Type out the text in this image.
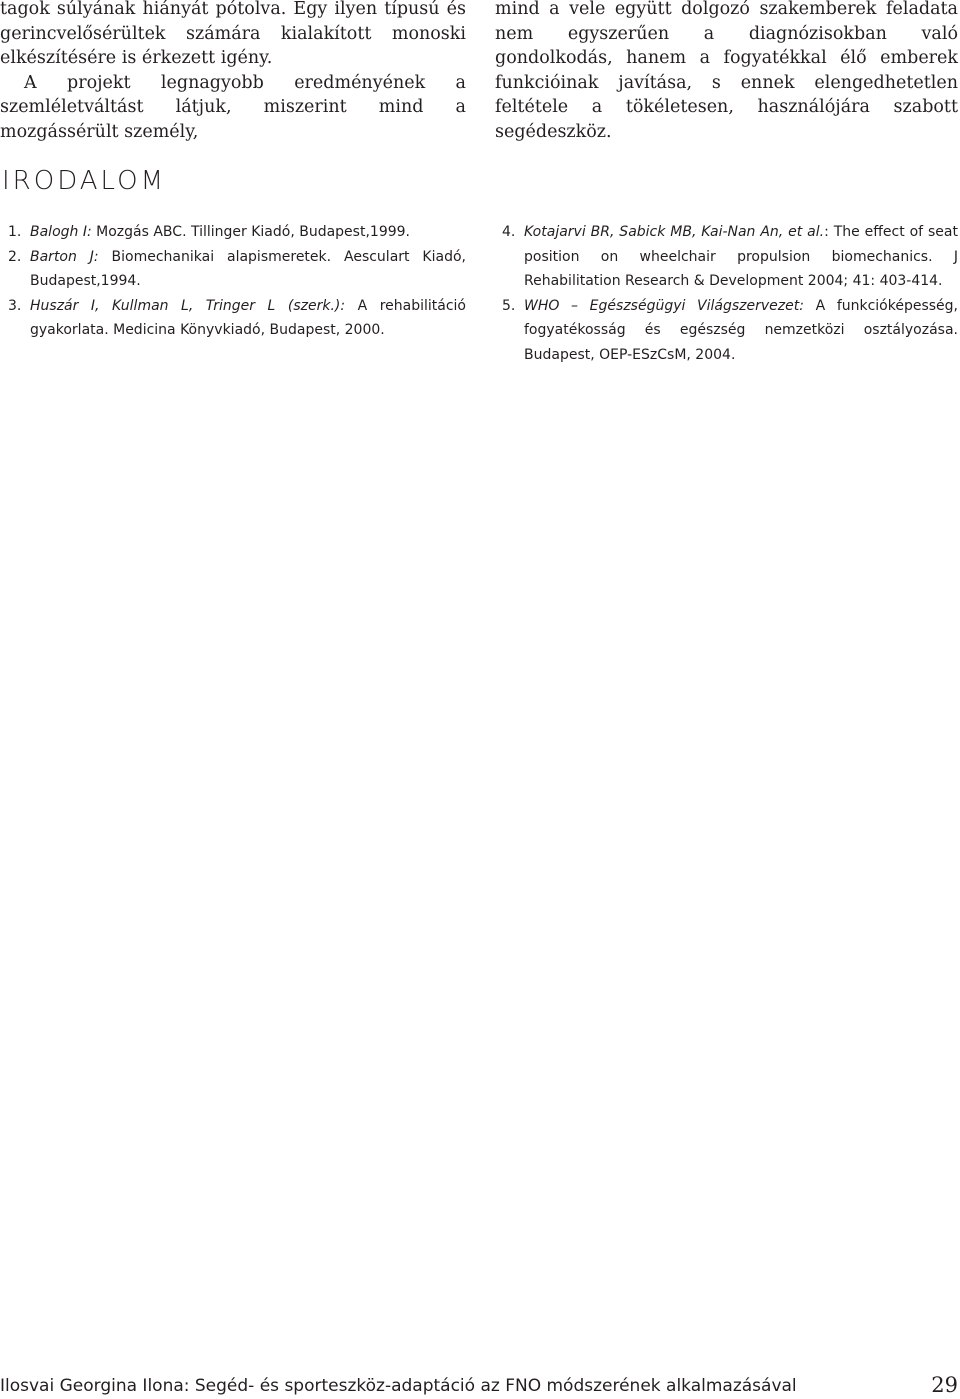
tagok súlyának hiányát pótolva. Egy ilyen típusú és gerincvelősérültek számára kialakított monoski elkészítésére is érkezett igény.

A projekt legnagyobb eredményének a szemléletváltást látjuk, miszerint mind a mozgássérült személy,

mind a vele együtt dolgozó szakemberek feladata nem egyszerűen a diagnózisokban való gondolkodás, hanem a fogyatékkal élő emberek funkcióinak javítása, s ennek elengedhetetlen feltétele a tökéletesen, használójára szabott segédeszköz.

IRODALOM
1. Balogh I: Mozgás ABC. Tillinger Kiadó, Budapest,1999.
2. Barton J: Biomechanikai alapismeretek. Aesculart Kiadó, Budapest,1994.
3. Huszár I, Kullman L, Tringer L (szerk.): A rehabilitáció gyakorlata. Medicina Könyvkiadó, Budapest, 2000.
4. Kotajarvi BR, Sabick MB, Kai-Nan An, et al.: The effect of seat position on wheelchair propulsion biomechanics. J Rehabilitation Research & Development 2004; 41: 403-414.
5. WHO – Egészségügyi Világszervezet: A funkcióképesség, fogyatékosság és egészség nemzetközi osztályozása. Budapest, OEP-ESzCsM, 2004.
Ilosvai Georgina Ilona: Segéd- és sporteszköz-adaptáció az FNO módszerének alkalmazásával	29
